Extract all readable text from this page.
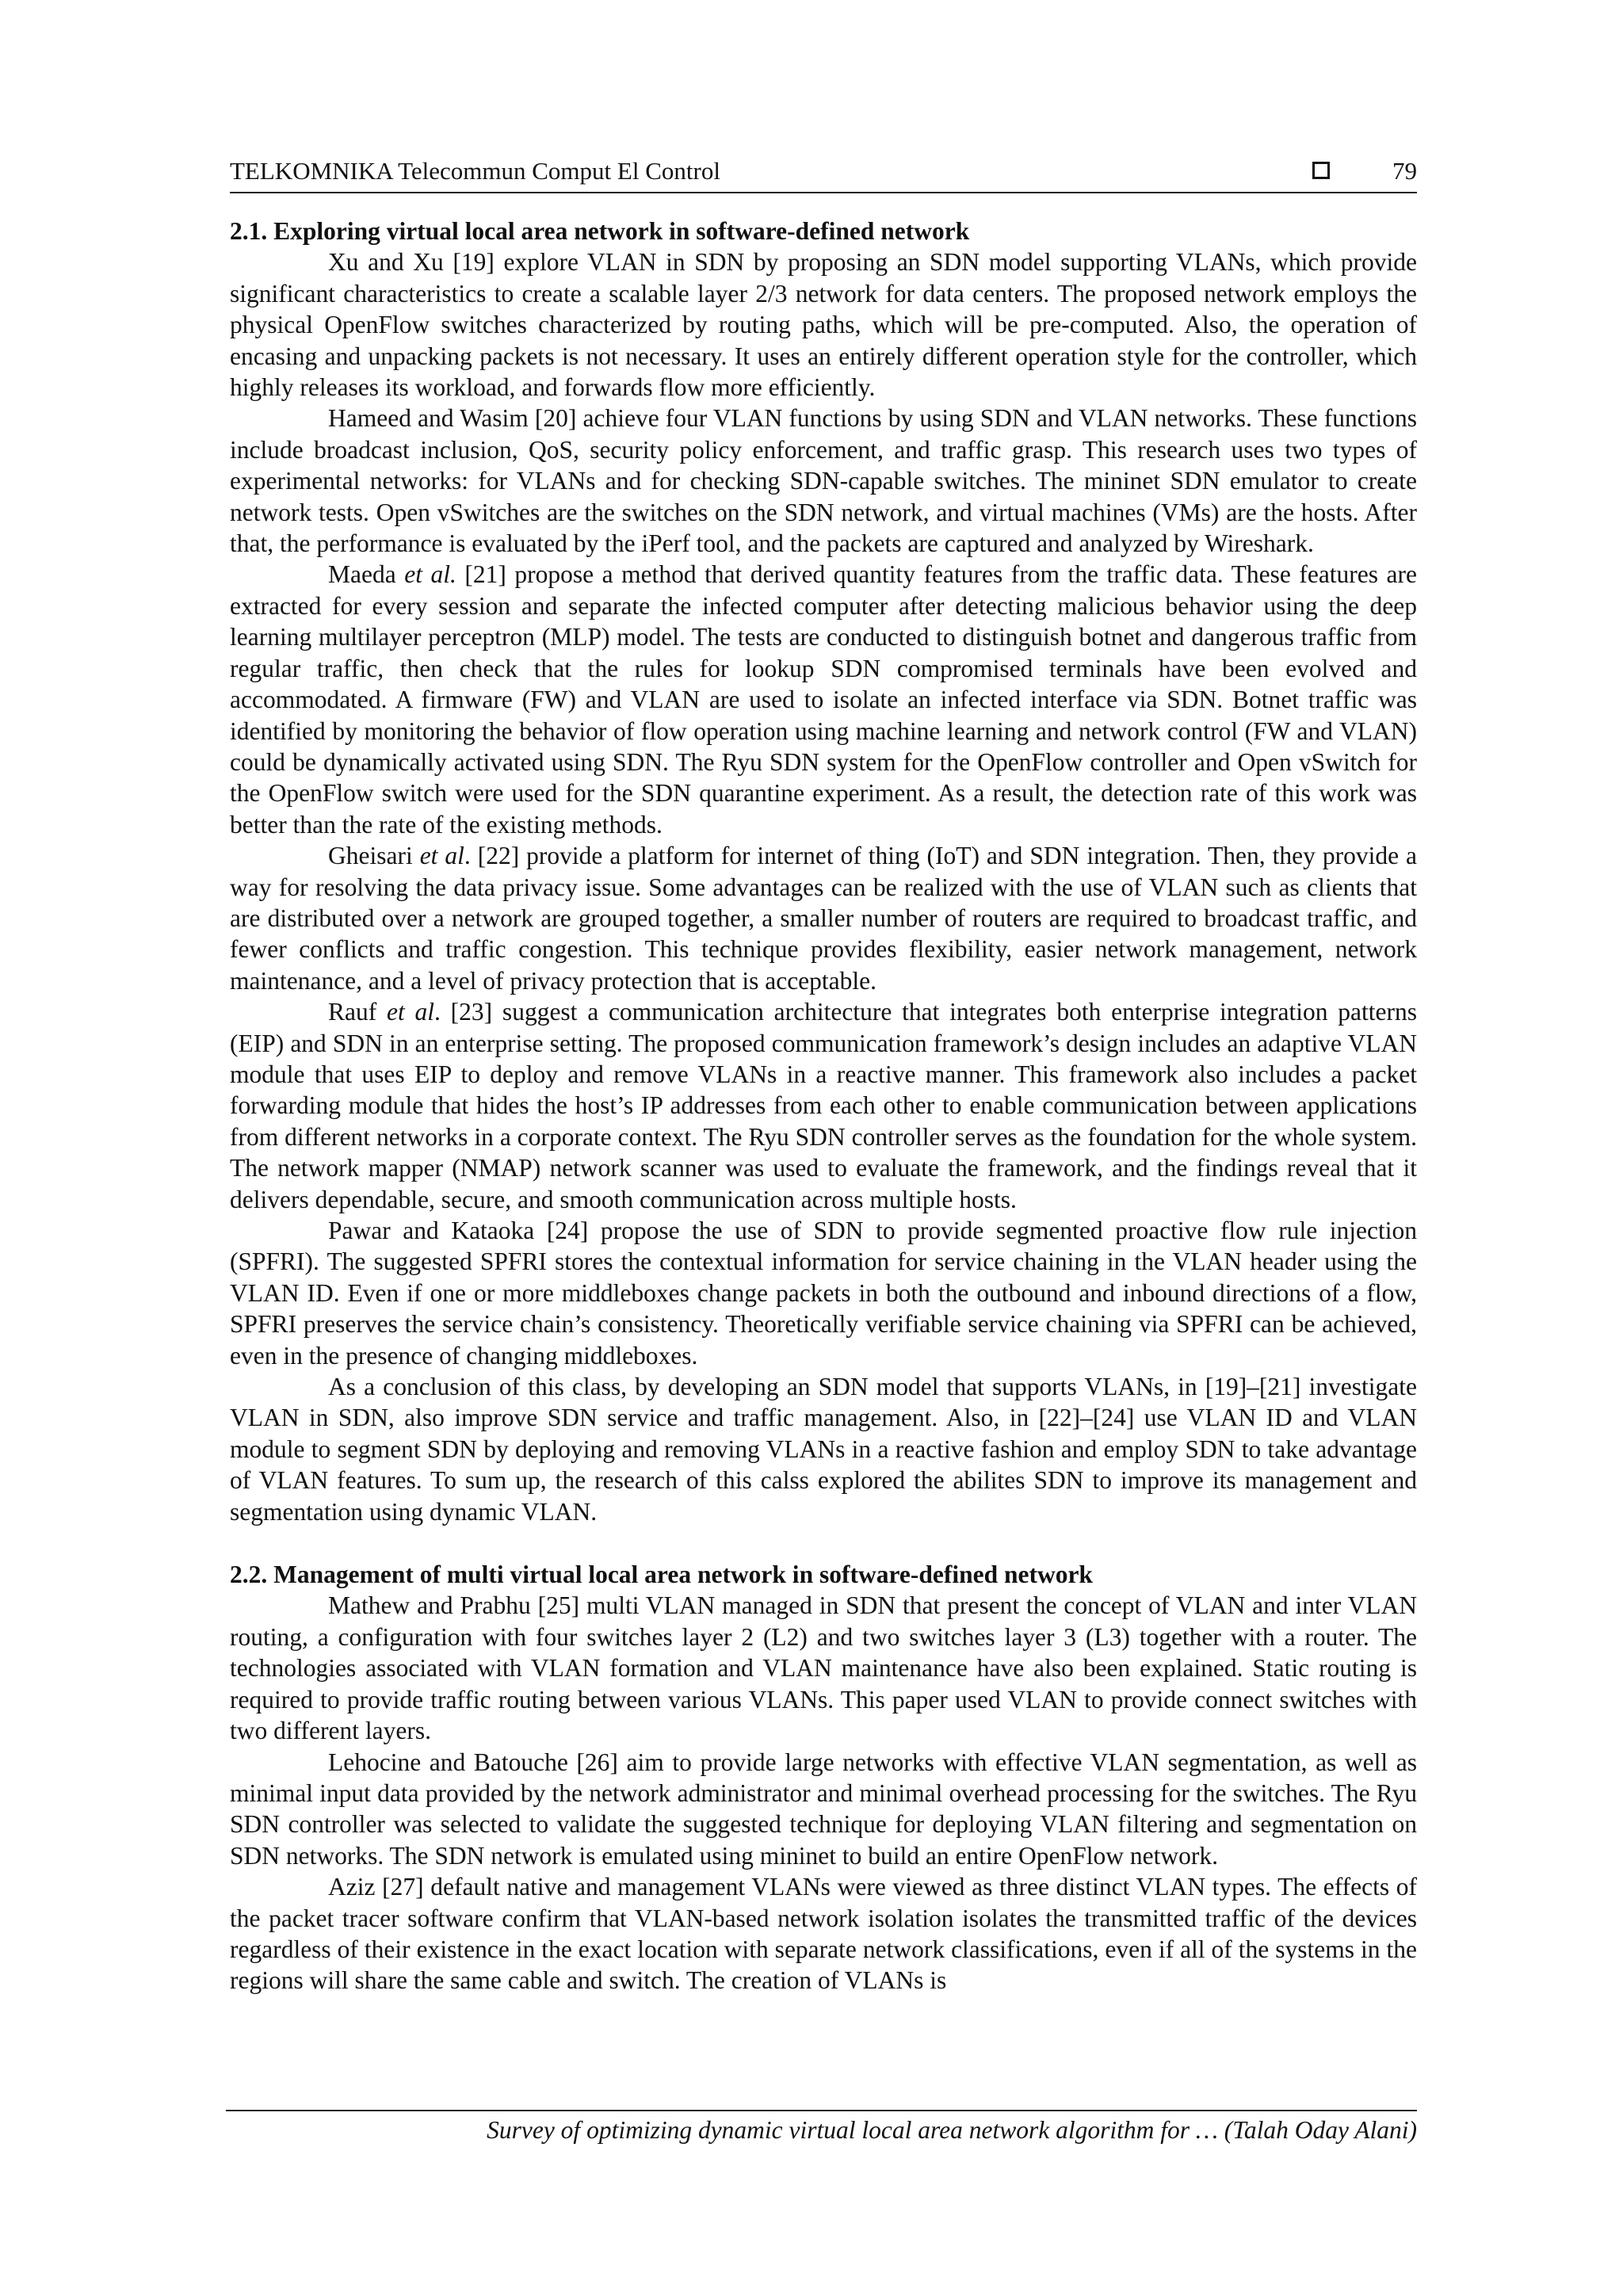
TELKOMNIKA Telecommun Comput El Control	79
2.1. Exploring virtual local area network in software-defined network

Xu and Xu [19] explore VLAN in SDN by proposing an SDN model supporting VLANs, which provide significant characteristics to create a scalable layer 2/3 network for data centers. The proposed network employs the physical OpenFlow switches characterized by routing paths, which will be pre-computed. Also, the operation of encasing and unpacking packets is not necessary. It uses an entirely different operation style for the controller, which highly releases its workload, and forwards flow more efficiently.

Hameed and Wasim [20] achieve four VLAN functions by using SDN and VLAN networks. These functions include broadcast inclusion, QoS, security policy enforcement, and traffic grasp. This research uses two types of experimental networks: for VLANs and for checking SDN-capable switches. The mininet SDN emulator to create network tests. Open vSwitches are the switches on the SDN network, and virtual machines (VMs) are the hosts. After that, the performance is evaluated by the iPerf tool, and the packets are captured and analyzed by Wireshark.

Maeda et al. [21] propose a method that derived quantity features from the traffic data. These features are extracted for every session and separate the infected computer after detecting malicious behavior using the deep learning multilayer perceptron (MLP) model. The tests are conducted to distinguish botnet and dangerous traffic from regular traffic, then check that the rules for lookup SDN compromised terminals have been evolved and accommodated. A firmware (FW) and VLAN are used to isolate an infected interface via SDN. Botnet traffic was identified by monitoring the behavior of flow operation using machine learning and network control (FW and VLAN) could be dynamically activated using SDN. The Ryu SDN system for the OpenFlow controller and Open vSwitch for the OpenFlow switch were used for the SDN quarantine experiment. As a result, the detection rate of this work was better than the rate of the existing methods.

Gheisari et al. [22] provide a platform for internet of thing (IoT) and SDN integration. Then, they provide a way for resolving the data privacy issue. Some advantages can be realized with the use of VLAN such as clients that are distributed over a network are grouped together, a smaller number of routers are required to broadcast traffic, and fewer conflicts and traffic congestion. This technique provides flexibility, easier network management, network maintenance, and a level of privacy protection that is acceptable.

Rauf et al. [23] suggest a communication architecture that integrates both enterprise integration patterns (EIP) and SDN in an enterprise setting. The proposed communication framework’s design includes an adaptive VLAN module that uses EIP to deploy and remove VLANs in a reactive manner. This framework also includes a packet forwarding module that hides the host’s IP addresses from each other to enable communication between applications from different networks in a corporate context. The Ryu SDN controller serves as the foundation for the whole system. The network mapper (NMAP) network scanner was used to evaluate the framework, and the findings reveal that it delivers dependable, secure, and smooth communication across multiple hosts.

Pawar and Kataoka [24] propose the use of SDN to provide segmented proactive flow rule injection (SPFRI). The suggested SPFRI stores the contextual information for service chaining in the VLAN header using the VLAN ID. Even if one or more middleboxes change packets in both the outbound and inbound directions of a flow, SPFRI preserves the service chain’s consistency. Theoretically verifiable service chaining via SPFRI can be achieved, even in the presence of changing middleboxes.

As a conclusion of this class, by developing an SDN model that supports VLANs, in [19]–[21] investigate VLAN in SDN, also improve SDN service and traffic management. Also, in [22]–[24] use VLAN ID and VLAN module to segment SDN by deploying and removing VLANs in a reactive fashion and employ SDN to take advantage of VLAN features. To sum up, the research of this calss explored the abilites SDN to improve its management and segmentation using dynamic VLAN.

2.2. Management of multi virtual local area network in software-defined network

Mathew and Prabhu [25] multi VLAN managed in SDN that present the concept of VLAN and inter VLAN routing, a configuration with four switches layer 2 (L2) and two switches layer 3 (L3) together with a router. The technologies associated with VLAN formation and VLAN maintenance have also been explained. Static routing is required to provide traffic routing between various VLANs. This paper used VLAN to provide connect switches with two different layers.

Lehocine and Batouche [26] aim to provide large networks with effective VLAN segmentation, as well as minimal input data provided by the network administrator and minimal overhead processing for the switches. The Ryu SDN controller was selected to validate the suggested technique for deploying VLAN filtering and segmentation on SDN networks. The SDN network is emulated using mininet to build an entire OpenFlow network.

Aziz [27] default native and management VLANs were viewed as three distinct VLAN types. The effects of the packet tracer software confirm that VLAN-based network isolation isolates the transmitted traffic of the devices regardless of their existence in the exact location with separate network classifications, even if all of the systems in the regions will share the same cable and switch. The creation of VLANs is

Survey of optimizing dynamic virtual local area network algorithm for … (Talah Oday Alani)
